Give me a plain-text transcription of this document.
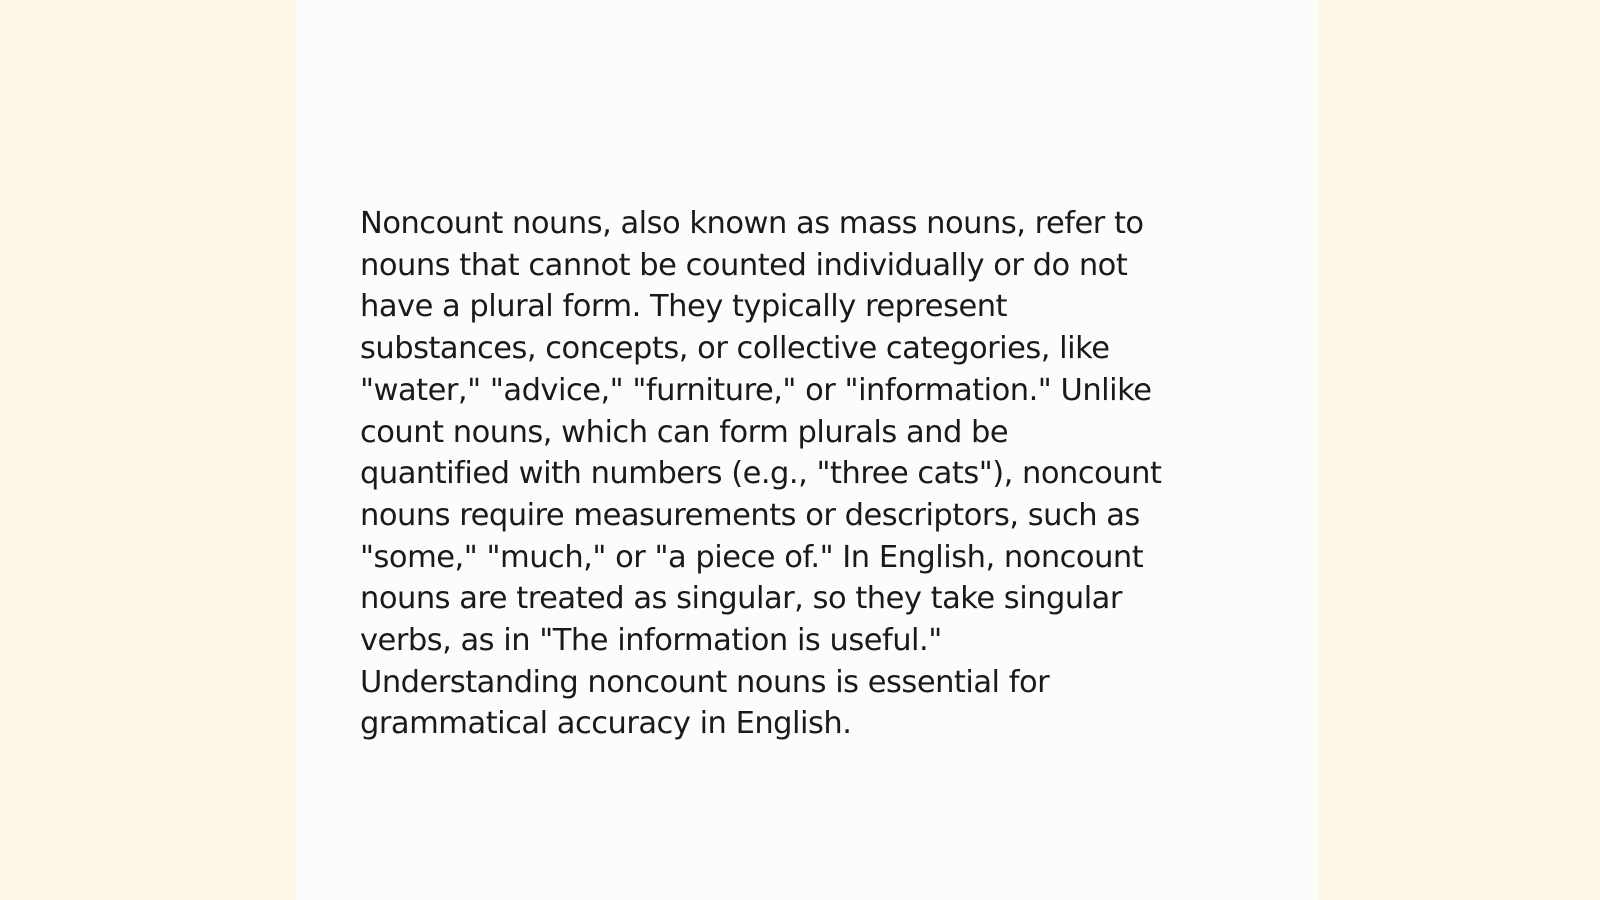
Noncount nouns, also known as mass nouns, refer to
nouns that cannot be counted individually or do not
have a plural form. They typically represent
substances, concepts, or collective categories, like
"water," "advice," "furniture," or "information." Unlike
count nouns, which can form plurals and be
quantified with numbers (e.g., "three cats"), noncount
nouns require measurements or descriptors, such as
"some," "much," or "a piece of." In English, noncount
nouns are treated as singular, so they take singular
verbs, as in "The information is useful."
Understanding noncount nouns is essential for
grammatical accuracy in English.
